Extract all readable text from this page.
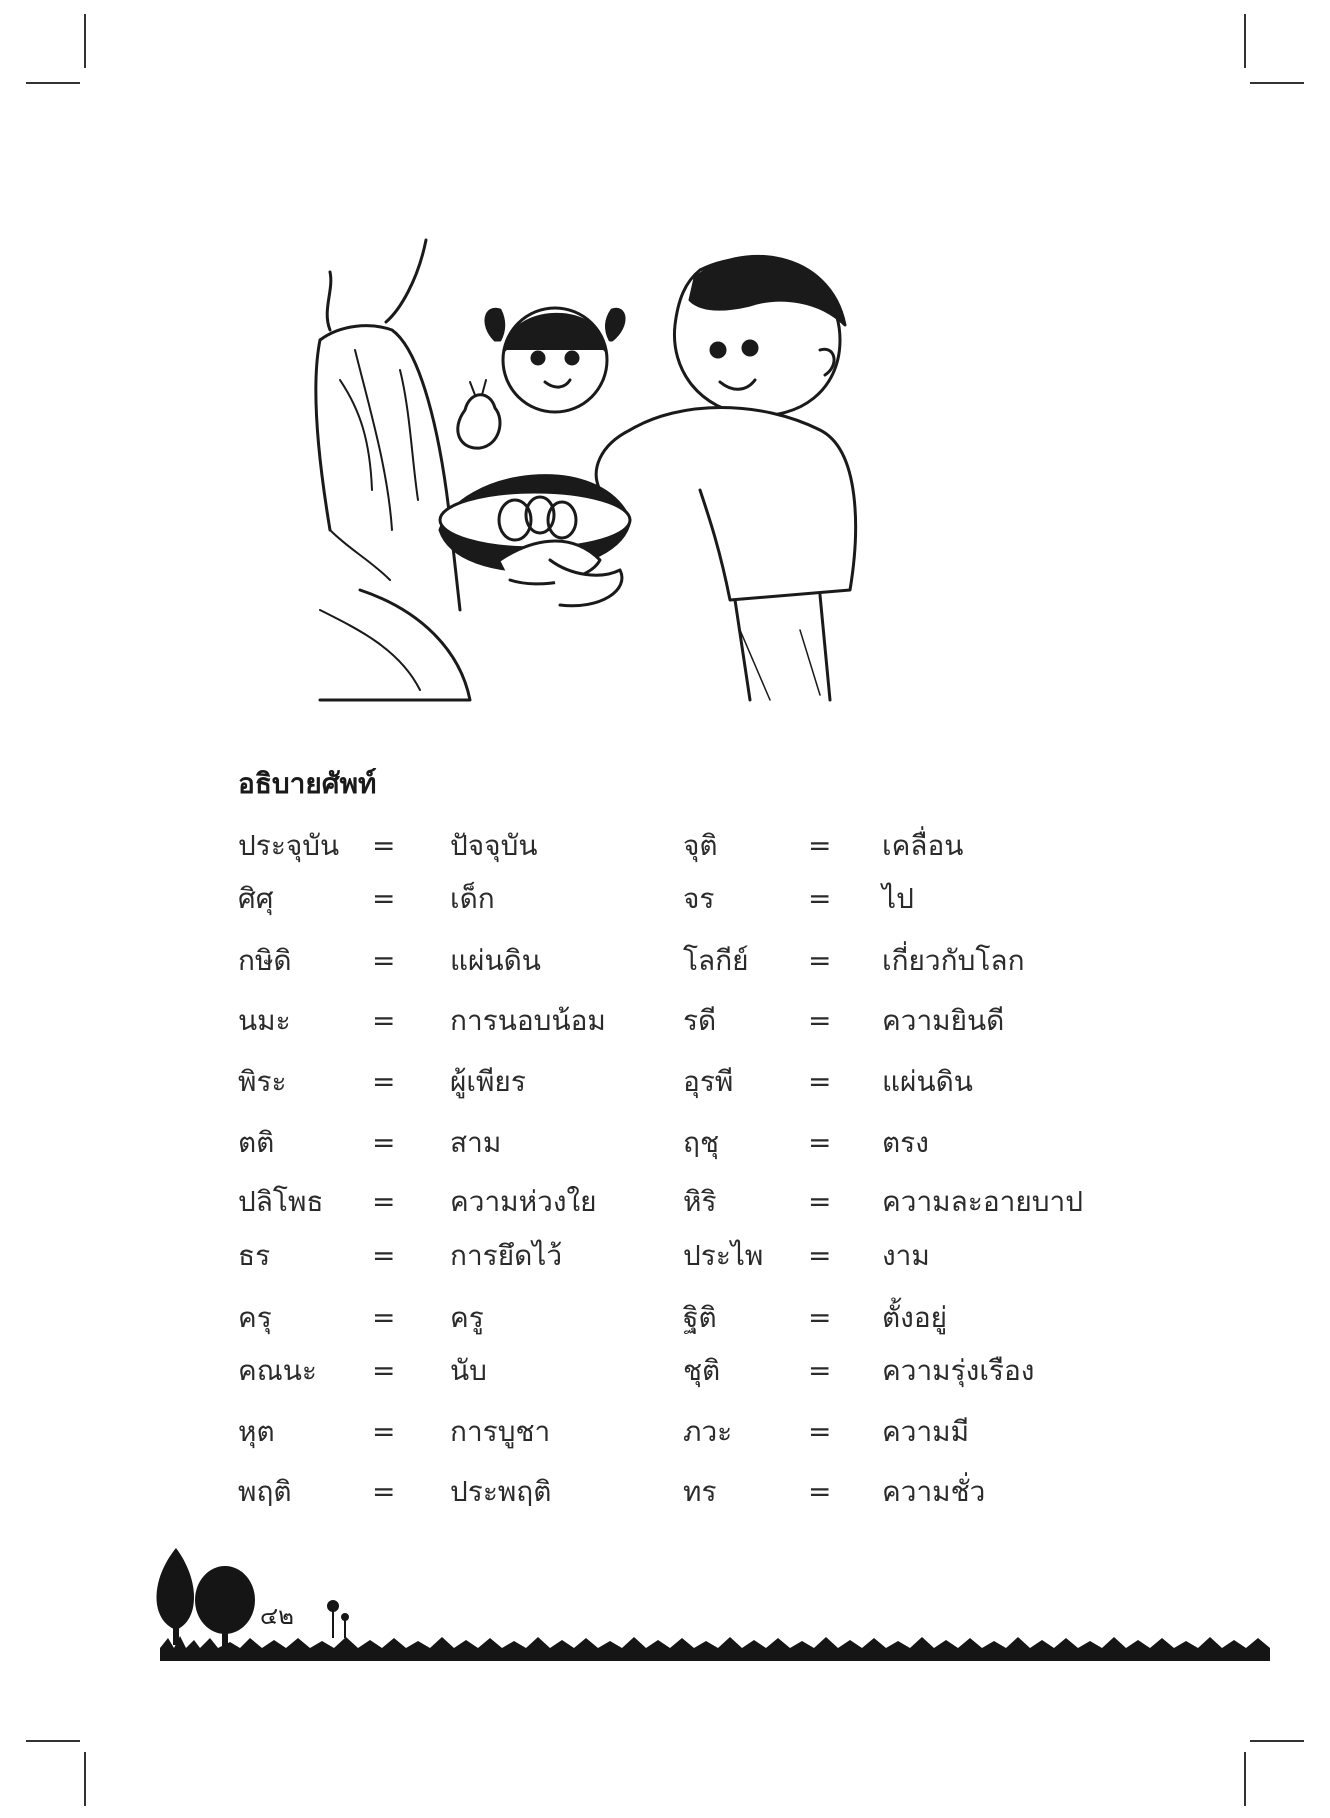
อธิบายศัพท์
ประจุบัน = ปัจจุบัน	จุติ	= เคลื่อน
ศิศุ	= เด็ก	จร	= ไป
กษิดิ	= แผ่นดิน	โลกีย์ = เกี่ยวกับโลก
นมะ	= การนอบน้อม	รดี	= ความยินดี
พิระ	= ผู้เพียร	อุรพี	= แผ่นดิน
ตติ	= สาม	ฤชุ	= ตรง
ปลิโพธ = ความห่วงใย	หิริ	= ความละอายบาป
ธร	= การยึดไว้	ประไพ = งาม
ครุ	= ครู	ฐิติ	= ตั้งอยู่
คณนะ = นับ	ชุติ	= ความรุ่งเรือง
หุต	= การบูชา	ภวะ	= ความมี
พฤติ	= ประพฤติ	ทร	= ความชั่ว
๔๒
